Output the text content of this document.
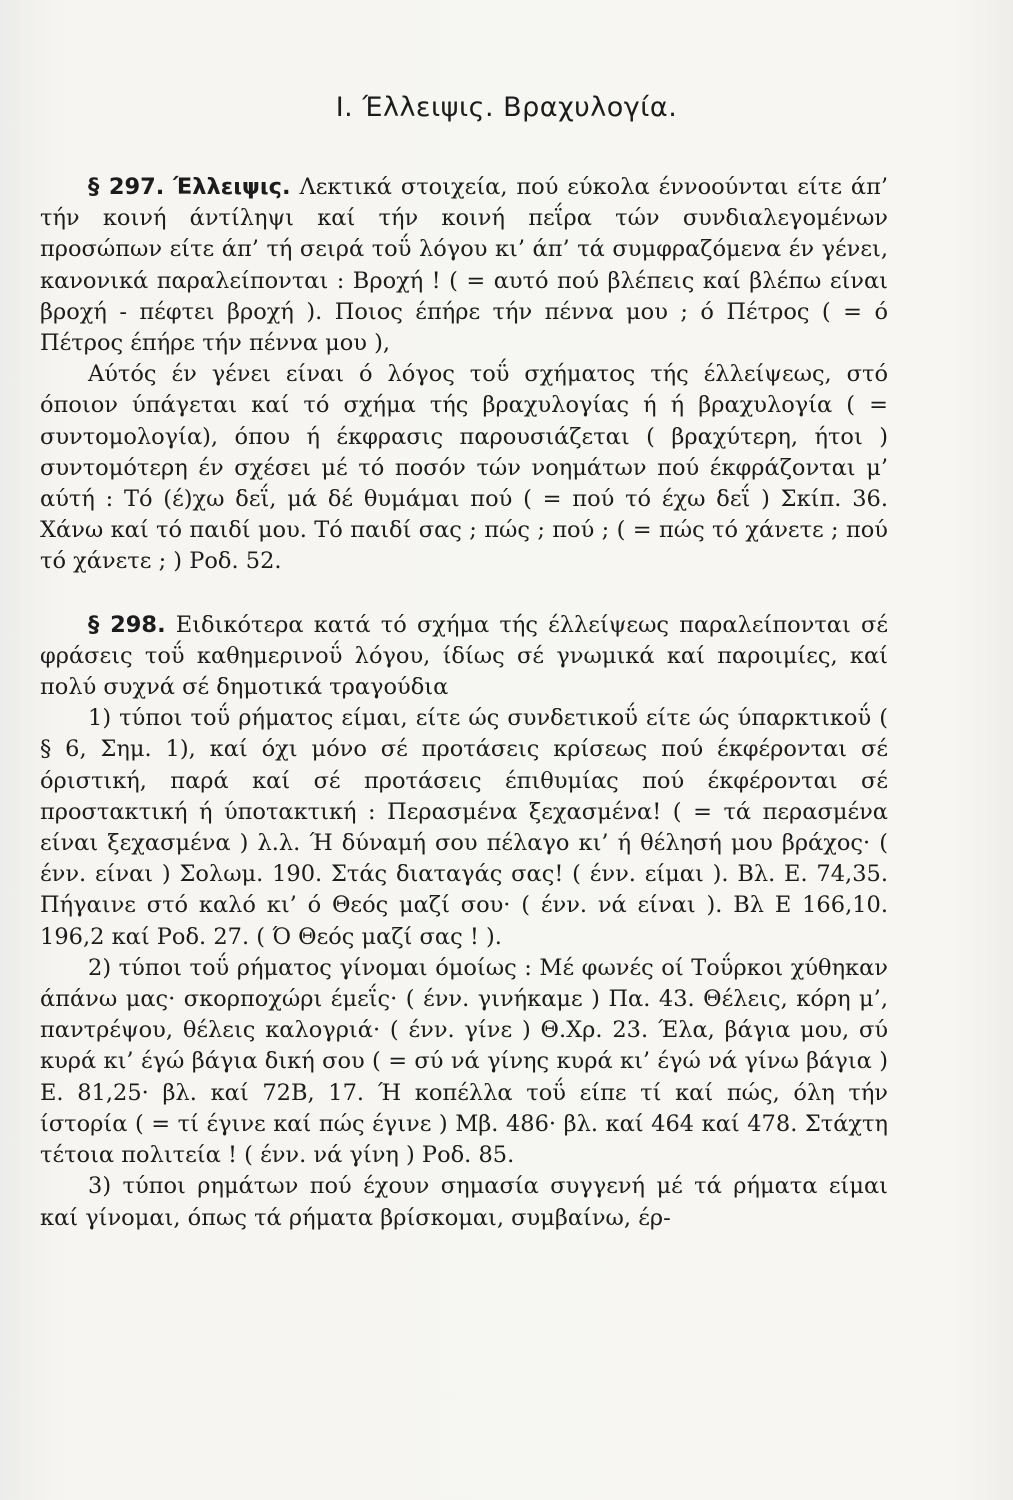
Ι. Έλλειψις. Βραχυλογία.

§ 297. Έλλειψις. Λεκτικά στοιχεία, πού εύκολα έννοούνται είτε άπ’ τήν κοινή άντίληψι καί τήν κοινή πεΐρα τών συνδιαλεγομένων προσώπων είτε άπ’ τή σειρά τοΰ λόγου κι’ άπ’ τά συμφραζόμενα έν γένει, κανονικά παραλείπονται : Βροχή ! ( = αυτό πού βλέπεις καί βλέπω είναι βροχή - πέφτει βροχή ). Ποιος έπήρε τήν πέννα μου ; ό Πέτρος ( = ό Πέτρος έπήρε τήν πέννα μου ),

Αύτός έν γένει είναι ό λόγος τοΰ σχήματος τής έλλείψεως, στό όποιον ύπάγεται καί τό σχήμα τής βραχυλογίας ή ή βραχυλογία ( = συντομολογία), όπου ή έκφρασις παρουσιάζεται ( βραχύτερη, ήτοι ) συντομότερη έν σχέσει μέ τό ποσόν τών νοημάτων πού έκφράζονται μ’ αύτή : Τό (έ)χω δεΐ, μά δέ θυμάμαι πού ( = πού τό έχω δεΐ ) Σκίπ. 36. Χάνω καί τό παιδί μου. Τό παιδί σας ; πώς ; πού ; ( = πώς τό χάνετε ; πού τό χάνετε ; ) Ροδ. 52.

§ 298. Ειδικότερα κατά τό σχήμα τής έλλείψεως παραλείπονται σέ φράσεις τοΰ καθημερινοΰ λόγου, ίδίως σέ γνωμικά καί παροιμίες, καί πολύ συχνά σέ δημοτικά τραγούδια

1) τύποι τοΰ ρήματος είμαι, είτε ώς συνδετικοΰ είτε ώς ύπαρκτικοΰ ( § 6, Σημ. 1), καί όχι μόνο σέ προτάσεις κρίσεως πού έκφέρονται σέ όριστική, παρά καί σέ προτάσεις έπιθυμίας πού έκφέρονται σέ προστακτική ή ύποτακτική : Περασμένα ξεχασμένα! ( = τά περασμένα είναι ξεχασμένα ) λ.λ. Ή δύναμή σου πέλαγο κι’ ή θέλησή μου βράχος· ( ένν. είναι ) Σολωμ. 190. Στάς διαταγάς σας! ( ένν. είμαι ). Βλ. Ε. 74,35. Πήγαινε στό καλό κι’ ό Θεός μαζί σου· ( ένν. νά είναι ). Βλ Ε 166,10. 196,2 καί Ροδ. 27. ( Ό Θεός μαζί σας ! ).

2) τύποι τοΰ ρήματος γίνομαι όμοίως : Μέ φωνές οί Τοΰρκοι χύθηκαν άπάνω μας· σκορποχώρι έμεΐς· ( ένν. γινήκαμε ) Πα. 43. Θέλεις, κόρη μ’, παντρέψου, θέλεις καλογριά· ( ένν. γίνε ) Θ.Χρ. 23. Έλα, βάγια μου, σύ κυρά κι’ έγώ βάγια δική σου ( = σύ νά γίνης κυρά κι’ έγώ νά γίνω βάγια ) Ε. 81,25· βλ. καί 72Β, 17. Ή κοπέλλα τοΰ είπε τί καί πώς, όλη τήν ίστορία ( = τί έγινε καί πώς έγινε ) Μβ. 486· βλ. καί 464 καί 478. Στάχτη τέτοια πολιτεία ! ( ένν. νά γίνη ) Ροδ. 85.

3) τύποι ρημάτων πού έχουν σημασία συγγενή μέ τά ρήματα είμαι καί γίνομαι, όπως τά ρήματα βρίσκομαι, συμβαίνω, έρ-
